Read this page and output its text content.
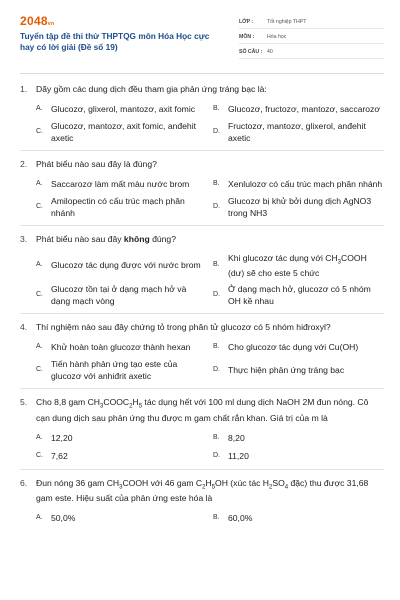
2048vn
Tuyển tập đề thi thử THPTQG môn Hóa Học cực hay có lời giải (Đề số 19)
LỚP :	Tốt nghiệp THPT
MÔN :	Hóa học
SỐ CÂU : 40
1.	Dãy gồm các dung dịch đều tham gia phản ứng tráng bạc là:
A. Glucozơ, glixerol, mantozơ, axit fomic	B. Glucozơ, fructozơ, mantozơ, saccarozơ
C.
Glucozơ, mantozơ, axit fomic, anđehit axetic
D.
Fructozơ, mantozơ, glixerol, anđehit axetic
2.	Phát biểu nào sau đây là đúng?
A. Saccarozơ làm mất màu nước brom	B. Xenlulozơ có cấu trúc mạch phân nhánh
C.
Amilopectin có cấu trúc mạch phân nhánh
D.
Glucozơ bị khử bởi dung dịch AgNO3 trong NH3
3.	Phát biểu nào sau đây không đúng?
A. Glucozơ tác dụng được với nước brom	B.
Khi glucozơ tác dụng với $CH_3COOH$ (dư) sẽ cho este 5 chức
C.
Glucozơ tồn tại ở dạng mạch hở và dạng mạch vòng
D.
Ở dạng mạch hở, glucozơ có 5 nhóm OH kề nhau
4.	Thí nghiệm nào sau đây chứng tỏ trong phân tử glucozơ có 5 nhóm hiđroxyl?
A. Khử hoàn toàn glucozơ thành hexan	B. Cho glucozơ tác dụng với Cu(OH)
C.
Tiến hành phản ứng tạo este của glucozơ với anhiđrit axetic
D. Thực hiện phản ứng tráng bạc
5.	Cho 8,8 gam $CH_3COOC_2H_5$ tác dụng hết với 100 ml dung dịch NaOH 2M đun nóng. Cô cạn dung dịch sau phản ứng thu được m gam chất rắn khan. Giá trị của m là
A. 12,20	B. 8,20
C. 7,62	D. 11,20
6.	Đun nóng 36 gam $CH_3COOH$ với 46 gam $C_2H_5OH$ (xúc tác $H_2SO_4$ đặc) thu được 31,68 gam este. Hiệu suất của phản ứng este hóa là
A. 50,0%	B. 60,0%
